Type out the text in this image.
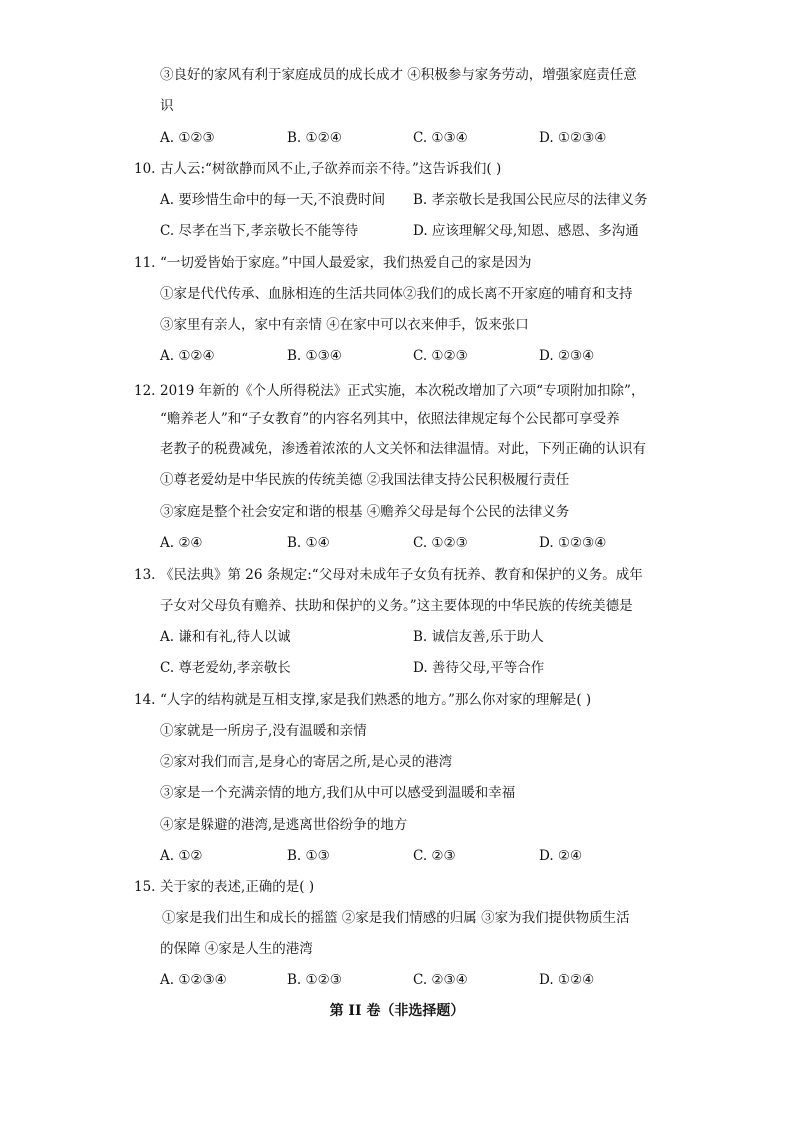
③良好的家风有利于家庭成员的成长成才 ④积极参与家务劳动，增强家庭责任意
识
A. ①②③	B. ①②④	C. ①③④	D. ①②③④
10. 古人云:“树欲静而风不止,子欲养而亲不待。”这告诉我们( )
A. 要珍惜生命中的每一天,不浪费时间 B. 孝亲敬长是我国公民应尽的法律义务
C. 尽孝在当下,孝亲敬长不能等待	D. 应该理解父母,知恩、感恩、多沟通
11. “一切爱皆始于家庭。”中国人最爱家，我们热爱自己的家是因为
①家是代代传承、血脉相连的生活共同体②我们的成长离不开家庭的哺育和支持
③家里有亲人，家中有亲情 ④在家中可以衣来伸手，饭来张口
A. ①②④	B. ①③④	C. ①②③	D. ②③④
12. 2019 年新的《个人所得税法》正式实施，本次税改增加了六项“专项附加扣除”，
“赡养老人”和“子女教育”的内容名列其中，依照法律规定每个公民都可享受养
老教子的税费减免，渗透着浓浓的人文关怀和法律温情。对此，下列正确的认识有
①尊老爱幼是中华民族的传统美德 ②我国法律支持公民积极履行责任
③家庭是整个社会安定和谐的根基 ④赡养父母是每个公民的法律义务
A. ②④	B. ①④	C. ①②③	D. ①②③④
13. 《民法典》第 26 条规定:“父母对未成年子女负有抚养、教育和保护的义务。成年
子女对父母负有赡养、扶助和保护的义务。”这主要体现的中华民族的传统美德是
A. 谦和有礼,待人以诚	B. 诚信友善,乐于助人
C. 尊老爱幼,孝亲敬长	D. 善待父母,平等合作
14. “人字的结构就是互相支撑,家是我们熟悉的地方。”那么你对家的理解是( )
①家就是一所房子,没有温暖和亲情
②家对我们而言,是身心的寄居之所,是心灵的港湾
③家是一个充满亲情的地方,我们从中可以感受到温暖和幸福
④家是躲避的港湾,是逃离世俗纷争的地方
A. ①②	B. ①③	C. ②③	D. ②④
15. 关于家的表述,正确的是( )
①家是我们出生和成长的摇篮 ②家是我们情感的归属 ③家为我们提供物质生活
的保障 ④家是人生的港湾
A. ①②③④	B. ①②③	C. ②③④	D. ①②④
第 II 卷（非选择题）
